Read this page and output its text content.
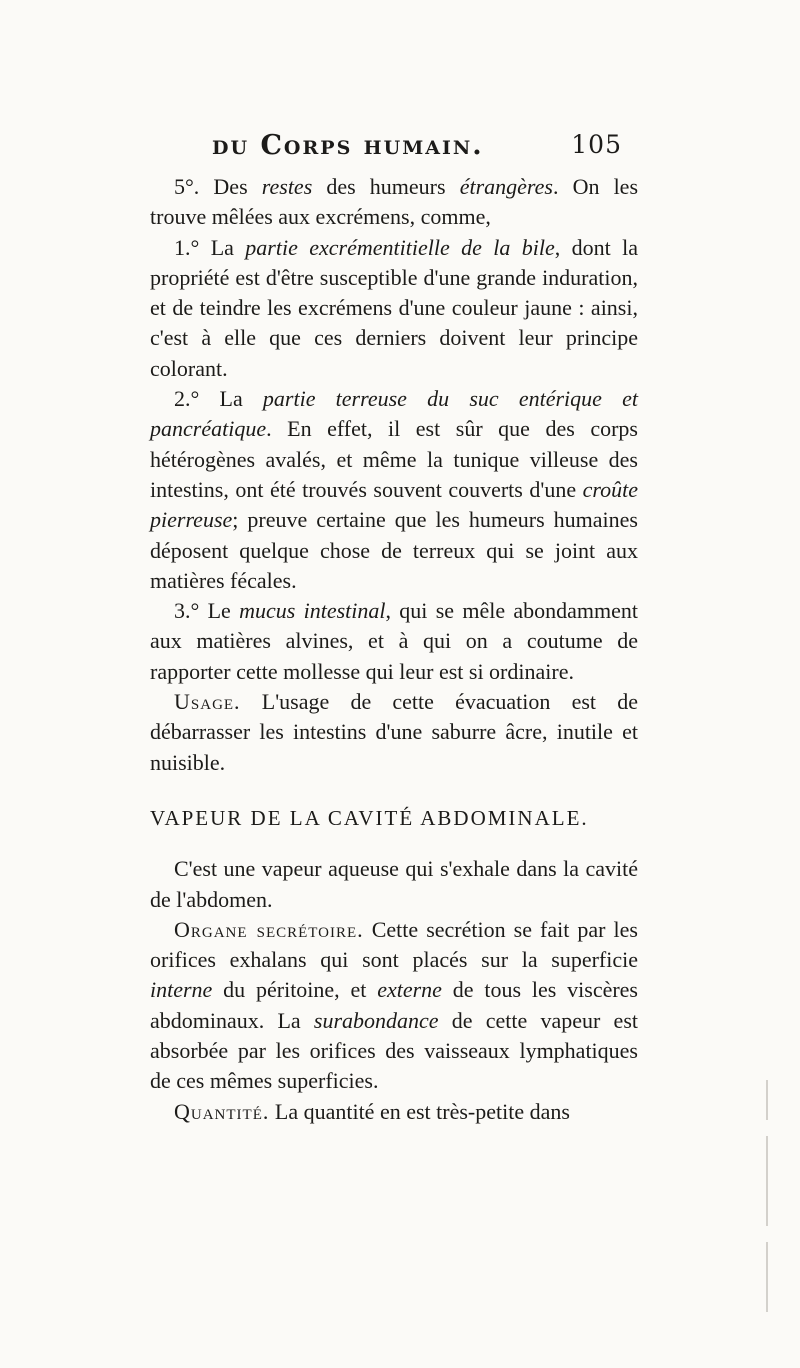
du Corps humain.	105

5°. Des restes des humeurs étrangères. On les trouve mêlées aux excrémens, comme,

1.° La partie excrémentitielle de la bile, dont la propriété est d'être susceptible d'une grande induration, et de teindre les excrémens d'une couleur jaune : ainsi, c'est à elle que ces derniers doivent leur principe colorant.

2.° La partie terreuse du suc entérique et pancréatique. En effet, il est sûr que des corps hétérogènes avalés, et même la tunique villeuse des intestins, ont été trouvés souvent couverts d'une croûte pierreuse; preuve certaine que les humeurs humaines déposent quelque chose de terreux qui se joint aux matières fécales.

3.° Le mucus intestinal, qui se mêle abondamment aux matières alvines, et à qui on a coutume de rapporter cette mollesse qui leur est si ordinaire.

Usage. L'usage de cette évacuation est de débarrasser les intestins d'une saburre âcre, inutile et nuisible.

VAPEUR DE LA CAVITÉ ABDOMINALE.

C'est une vapeur aqueuse qui s'exhale dans la cavité de l'abdomen.

Organe secrétoire. Cette secrétion se fait par les orifices exhalans qui sont placés sur la superficie interne du péritoine, et externe de tous les viscères abdominaux. La surabondance de cette vapeur est absorbée par les orifices des vaisseaux lymphatiques de ces mêmes superficies.

Quantité. La quantité en est très-petite dans
